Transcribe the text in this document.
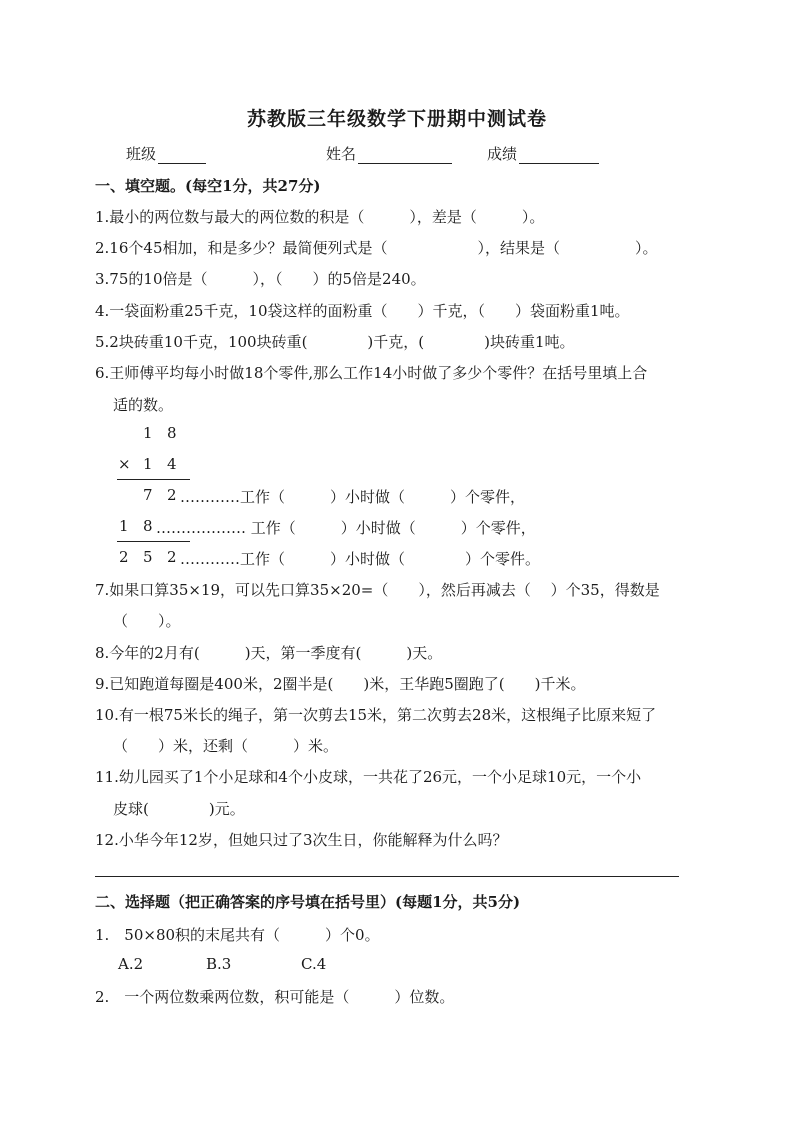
苏教版三年级数学下册期中测试卷
班级	姓名	成绩
一、填空题。(每空1分，共27分)
1.最小的两位数与最大的两位数的积是（　　　），差是（　　　）。
2.16个45相加，和是多少？最简便列式是（　　　　　　），结果是（　　　　　）。
3.75的10倍是（　　　），（　　）的5倍是240。
4.一袋面粉重25千克，10袋这样的面粉重（　　）千克，（　　）袋面粉重1吨。
5.2块砖重10千克，100块砖重(　　　　)千克，(　　　　)块砖重1吨。
6.王师傅平均每小时做18个零件,那么工作14小时做了多少个零件？在括号里填上合
适的数。
1 8
× 1 4
7 2 …………工作（　　　）小时做（　　　）个零件，
1 8 ……………… 工作（　　　）小时做（　　　）个零件，
2 5 2 …………工作（　　　）小时做（　　　　）个零件。
7.如果口算35×19，可以先口算35×20=（　　），然后再减去（　 ）个35，得数是
（　　）。
8.今年的2月有(　　　)天，第一季度有(　　　)天。
9.已知跑道每圈是400米，2圈半是(　　)米，王华跑5圈跑了(　　)千米。
10.有一根75米长的绳子，第一次剪去15米，第二次剪去28米，这根绳子比原来短了
（　　）米，还剩（　　　）米。
11.幼儿园买了1个小足球和4个小皮球，一共花了26元，一个小足球10元，一个小
皮球(　　　　)元。
12.小华今年12岁，但她只过了3次生日，你能解释为什么吗？
二、选择题（把正确答案的序号填在括号里）(每题1分，共5分)
1.　50×80积的末尾共有（　　　）个0。
A.2	B.3	C.4
2.　一个两位数乘两位数，积可能是（　　　）位数。
